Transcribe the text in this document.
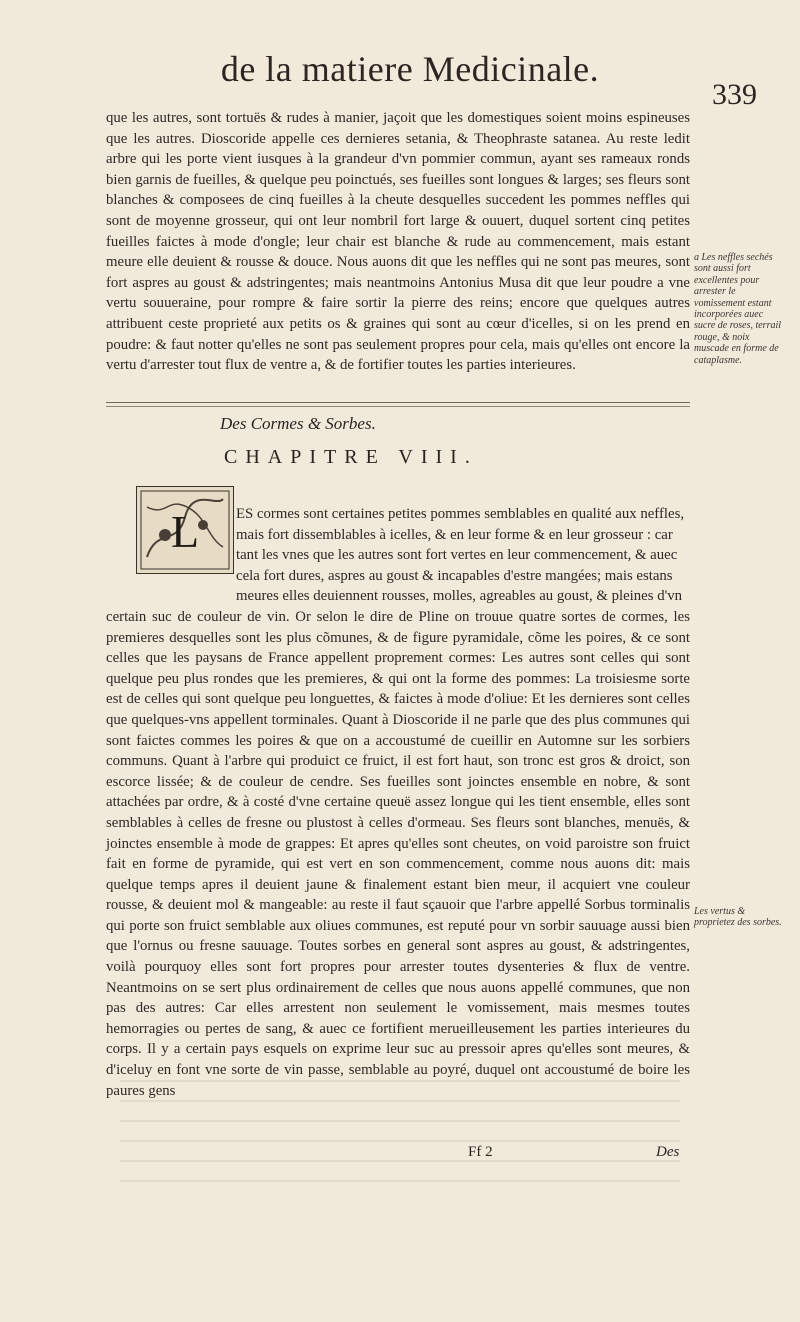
de la matiere Medicinale.
339

que les autres, sont tortuës & rudes à manier, jaçoit que les domestiques soient moins espineuses que les autres. Dioscoride appelle ces dernieres setania, & Theophraste satanea. Au reste ledit arbre qui les porte vient iusques à la grandeur d'vn pommier commun, ayant ses rameaux ronds bien garnis de fueilles, & quelque peu poinctués, ses fueilles sont longues & larges; ses fleurs sont blanches & composees de cinq fueilles à la cheute desquelles succedent les pommes neffles qui sont de moyenne grosseur, qui ont leur nombril fort large & ouuert, duquel sortent cinq petites fueilles faictes à mode d'ongle; leur chair est blanche & rude au commencement, mais estant meure elle deuient & rousse & douce. Nous auons dit que les neffles qui ne sont pas meures, sont fort aspres au goust & adstringentes; mais neantmoins Antonius Musa dit que leur poudre a vne vertu souueraine, pour rompre & faire sortir la pierre des reins; encore que quelques autres attribuent ceste proprieté aux petits os & graines qui sont au cœur d'icelles, si on les prend en poudre: & faut notter qu'elles ne sont pas seulement propres pour cela, mais qu'elles ont encore la vertu d'arrester tout flux de ventre a, & de fortifier toutes les parties interieures.

a Les neffles sechés sont aussi fort excellentes pour arrester le vomissement estant incorporées auec sucre de roses, terrail rouge, & noix muscade en forme de cataplasme.
Des Cormes & Sorbes.
CHAPITRE VIII.
L ES cormes sont certaines petites pommes semblables en qualité aux neffles,
mais fort dissemblables à icelles, & en leur forme & en leur grosseur : car
tant les vnes que les autres sont fort vertes en leur commencement, & auec
cela fort dures, aspres au goust & incapables d'estre mangées; mais estans
meures elles deuiennent rousses, molles, agreables au goust, & pleines d'vn

certain suc de couleur de vin. Or selon le dire de Pline on trouue quatre sortes de cormes, les premieres desquelles sont les plus cõmunes, & de figure pyramidale, cõme les poires, & ce sont celles que les paysans de France appellent proprement cormes: Les autres sont celles qui sont quelque peu plus rondes que les premieres, & qui ont la forme des pommes: La troisiesme sorte est de celles qui sont quelque peu longuettes, & faictes à mode d'oliue: Et les dernieres sont celles que quelques-vns appellent torminales. Quant à Dioscoride il ne parle que des plus communes qui sont faictes commes les poires & que on a accoustumé de cueillir en Automne sur les sorbiers communs. Quant à l'arbre qui produict ce fruict, il est fort haut, son tronc est gros & droict, son escorce lissée; & de couleur de cendre. Ses fueilles sont joinctes ensemble en nobre, & sont attachées par ordre, & à costé d'vne certaine queuë assez longue qui les tient ensemble, elles sont semblables à celles de fresne ou plustost à celles d'ormeau. Ses fleurs sont blanches, menuës, & joinctes ensemble à mode de grappes: Et apres qu'elles sont cheutes, on void paroistre son fruict fait en forme de pyramide, qui est vert en son commencement, comme nous auons dit: mais quelque temps apres il deuient jaune & finalement estant bien meur, il acquiert vne couleur rousse, & deuient mol & mangeable: au reste il faut sçauoir que l'arbre appellé Sorbus torminalis qui porte son fruict semblable aux oliues communes, est reputé pour vn sorbir sauuage aussi bien que l'ornus ou fresne sauuage. Toutes sorbes en general sont aspres au goust, & adstringentes, voilà pourquoy elles sont fort propres pour arrester toutes dysenteries & flux de ventre. Neantmoins on se sert plus ordinairement de celles que nous auons appellé communes, que non pas des autres: Car elles arrestent non seulement le vomissement, mais mesmes toutes hemorragies ou pertes de sang, & auec ce fortifient merueilleusement les parties interieures du corps. Il y a certain pays esquels on exprime leur suc au pressoir apres qu'elles sont meures, & d'iceluy en font vne sorte de vin passe, semblable au poyré, duquel ont accoustumé de boire les paures gens

Les vertus & proprietez des sorbes.
Ff 2	Des
